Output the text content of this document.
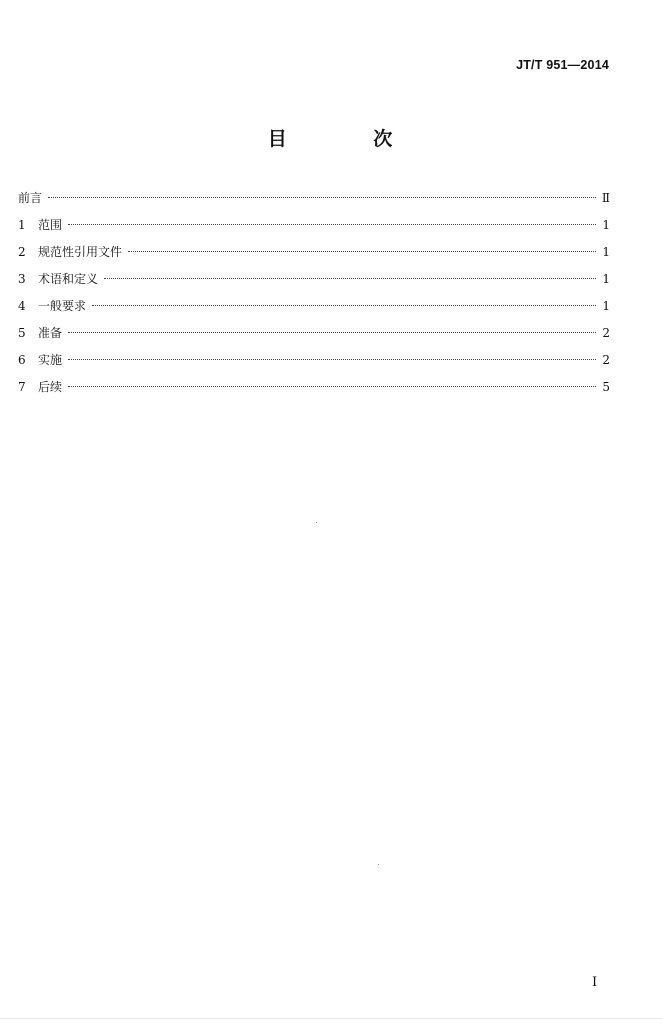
JT/T 951—2014
目 次
前言	Ⅱ
1	范围	1
2	规范性引用文件	1
3	术语和定义	1
4	一般要求	1
5	准备	2
6	实施	2
7	后续	5
Ⅰ
